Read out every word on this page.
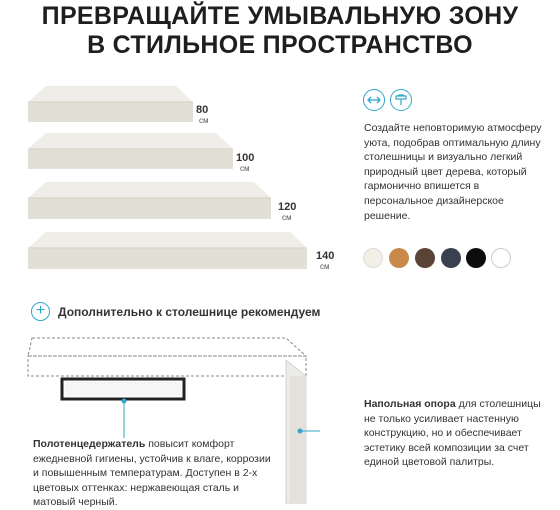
ПРЕВРАЩАЙТЕ УМЫВАЛЬНУЮ ЗОНУ
В СТИЛЬНОЕ ПРОСТРАНСТВО
80
см
100
см
120
см
140
см
Создайте неповторимую атмосферу уюта, подобрав оптимальную длину столешницы и визуально легкий природный цвет дерева, который гармонично впишется в персональное дизайнерское решение.
+	Дополнительно к столешнице рекомендуем
Полотенцедержатель повысит комфорт ежедневной гигиены, устойчив к влаге, коррозии и повышенным температурам. Доступен в 2-х цветовых оттенках: нержавеющая сталь и матовый черный.
Напольная опора для столешницы не только усиливает настенную конструкцию, но и обеспечивает эстетику всей композиции за счет единой цветовой палитры.
